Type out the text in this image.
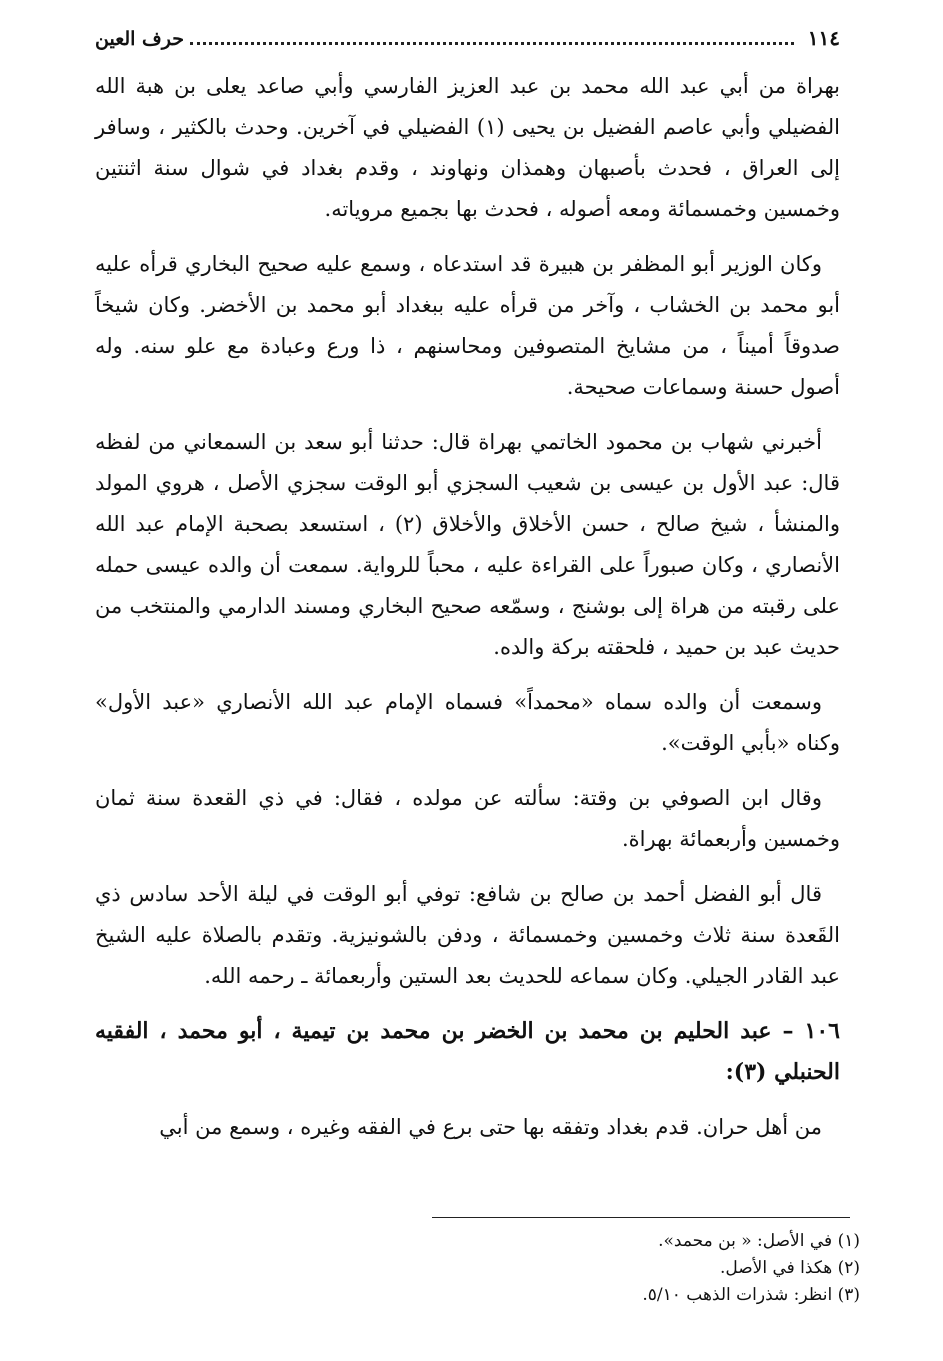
١١٤
حرف العين

بهراة من أبي عبد الله محمد بن عبد العزيز الفارسي وأبي صاعد يعلى بن هبة الله الفضيلي وأبي عاصم الفضيل بن يحيى (١) الفضيلي في آخرين. وحدث بالكثير ، وسافر إلى العراق ، فحدث بأصبهان وهمذان ونهاوند ، وقدم بغداد في شوال سنة اثنتين وخمسين وخمسمائة ومعه أصوله ، فحدث بها بجميع مروياته.

وكان الوزير أبو المظفر بن هبيرة قد استدعاه ، وسمع عليه صحيح البخاري قرأه عليه أبو محمد بن الخشاب ، وآخر من قرأه عليه ببغداد أبو محمد بن الأخضر. وكان شيخاً صدوقاً أميناً ، من مشايخ المتصوفين ومحاسنهم ، ذا ورع وعبادة مع علو سنه. وله أصول حسنة وسماعات صحيحة.

أخبرني شهاب بن محمود الخاتمي بهراة قال: حدثنا أبو سعد بن السمعاني من لفظه قال: عبد الأول بن عيسى بن شعيب السجزي أبو الوقت سجزي الأصل ، هروي المولد والمنشأ ، شيخ صالح ، حسن الأخلاق والأخلاق (٢) ، استسعد بصحبة الإمام عبد الله الأنصاري ، وكان صبوراً على القراءة عليه ، محباً للرواية. سمعت أن والده عيسى حمله على رقبته من هراة إلى بوشنج ، وسمّعه صحيح البخاري ومسند الدارمي والمنتخب من حديث عبد بن حميد ، فلحقته بركة والده.

وسمعت أن والده سماه «محمداً» فسماه الإمام عبد الله الأنصاري «عبد الأول» وكناه «بأبي الوقت».

وقال ابن الصوفي بن وقتة: سألته عن مولده ، فقال: في ذي القعدة سنة ثمان وخمسين وأربعمائة بهراة.

قال أبو الفضل أحمد بن صالح بن شافع: توفي أبو الوقت في ليلة الأحد سادس ذي القَعدة سنة ثلاث وخمسين وخمسمائة ، ودفن بالشونيزية. وتقدم بالصلاة عليه الشيخ عبد القادر الجيلي. وكان سماعه للحديث بعد الستين وأربعمائة ـ رحمه الله.

١٠٦ – عبد الحليم بن محمد بن الخضر بن محمد بن تيمية ، أبو محمد ، الفقيه الحنبلي (٣):

من أهل حران. قدم بغداد وتفقه بها حتى برع في الفقه وغيره ، وسمع من أبي

(١) في الأصل: « بن محمد».

(٢) هكذا في الأصل.

(٣) انظر: شذرات الذهب ٥/١٠.
